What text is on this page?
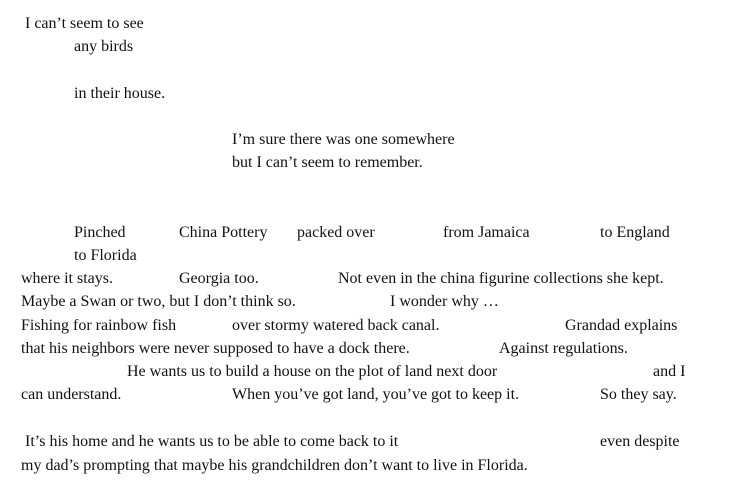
I can’t seem to see
any birds
in their house.
I’m sure there was one somewhere
but I can’t seem to remember.
Pinched	China Pottery packed over	from Jamaica	to England
to Florida
where it stays.	Georgia too.	Not even in the china figurine collections she kept.
Maybe a Swan or two, but I don’t think so.	I wonder why …
Fishing for rainbow fish	over stormy watered back canal.	Grandad explains
that his neighbors were never supposed to have a dock there.	Against regulations.
He wants us to build a house on the plot of land next door	and I
can understand.	When you’ve got land, you’ve got to keep it.	So they say.
It’s his home and he wants us to be able to come back to it	even despite
my dad’s prompting that maybe his grandchildren don’t want to live in Florida.
